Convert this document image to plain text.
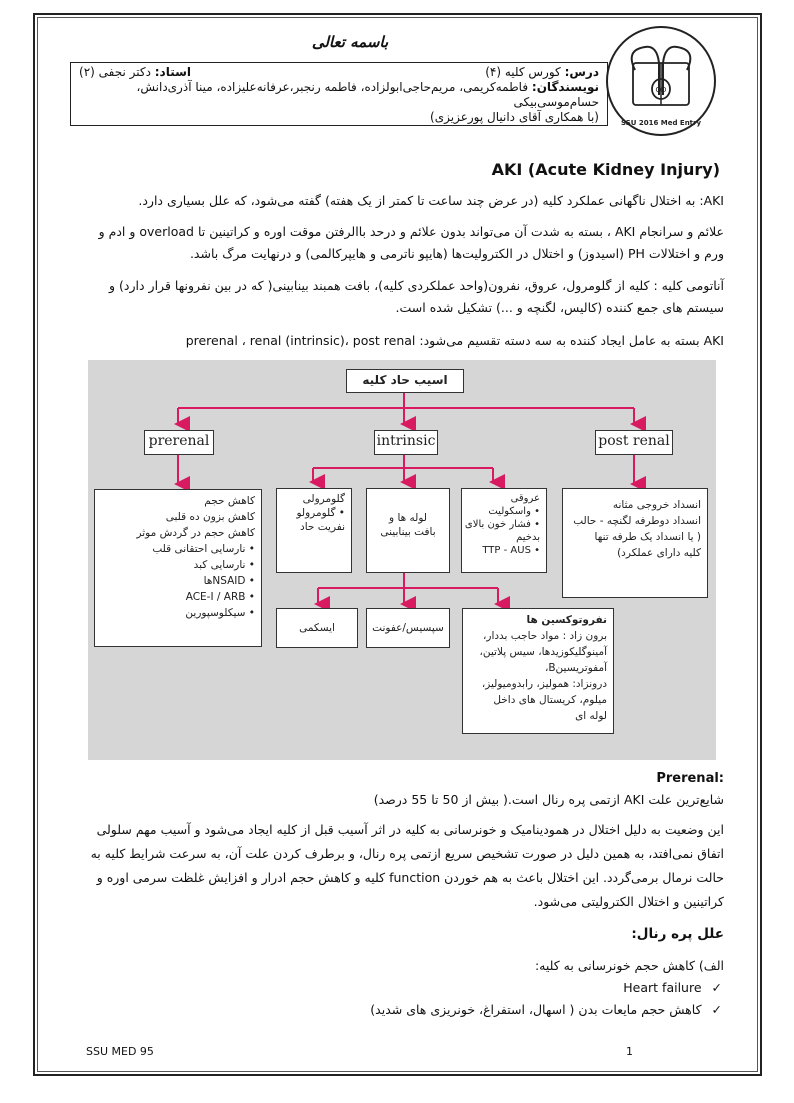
باسمه تعالی
درس: کورس کلیه (۴)
استاد: دکتر نجفی (۲)
نویسندگان: فاطمه‌کریمی، مریم‌حاجی‌ابولزاده، فاطمه رنجبر،عرفانه‌علیزاده، مینا آذری‌دانش، حسام‌موسی‌بیکی
(با همکاری آقای دانیال پورعزیزی)
QD
SSU 2016 Med Entry
(Acute Kidney Injury) AKI
AKI: به اختلال ناگهانی عملکرد کلیه (در عرض چند ساعت تا کمتر از یک هفته) گفته می‌شود، که علل بسیاری دارد.
علائم و سرانجام AKI ، بسته به شدت آن می‌تواند بدون علائم و درحد باالرفتن موقت اوره و کراتینین تا overload و ادم و
ورم و اختلالات PH (اسیدوز) و اختلال در الکترولیت‌ها (هایپو ناترمی و هایپرکالمی) و درنهایت مرگ باشد.
آناتومی کلیه : کلیه از گلومرول، عروق، نفرون(واحد عملکردی کلیه)، بافت همبند بینابینی( که در بین نفرونها قرار دارد) و
سیستم های جمع کننده (کالیس، لگنچه و ...) تشکیل شده است.
AKI بسته به عامل ایجاد کننده به سه دسته تقسیم می‌شود: prerenal ، renal (intrinsic)، post renal
اسیب حاد کلیه
prerenal	intrinsic	post renal
کاهش حجم
کاهش بزون ده قلبی
کاهش حجم در گردش موثر
• نارسایی احتقانی قلب
• نارسایی کبد
• NSAIDها
• ACE-I / ARB
• سیکلوسپورین
گلومرولی
• گلومرولو
نفریت حاد
لوله ها و
بافت بینابینی
عروقی
• واسکولیت
• فشار خون بالای
بدخیم
• TTP - AUS
انسداد خروجی مثانه
انسداد دوطرفه لگنچه - حالب
( یا انسداد یک طرفه تنها
کلیه دارای عملکرد)
ایسکمی	سپسیس/عفونت
نفروتوکسین ها
برون زاد : مواد حاجب بددار،
آمینوگلیکوزیدها، سیس پلاتین،
آمفوتریسینB،
درونزاد: همولیز، رابدومیولیز،
میلوم، کریستال های داخل
لوله ای
Prerenal:
شایع‌ترین علت AKI ازتمی پره رنال است.( بیش از 50 تا 55 درصد)
این وضعیت به دلیل اختلال در همودینامیک و خونرسانی به کلیه در اثر آسیب قبل از کلیه ایجاد می‌شود و آسیب مهم سلولی
اتفاق نمی‌افتد، به همین دلیل در صورت تشخیص سریع ازتمی پره رنال، و برطرف کردن علت آن، به سرعت شرایط کلیه به
حالت نرمال برمی‌گردد. این اختلال باعث به هم خوردن function کلیه و کاهش حجم ادرار و افزایش غلظت سرمی اوره و
کراتینین و اختلال الکترولیتی می‌شود.
علل پره رنال:
الف) کاهش حجم خونرسانی به کلیه:
✓ Heart failure
✓ کاهش حجم مایعات بدن ( اسهال، استفراغ، خونریزی های شدید)
SSU MED 95	1
